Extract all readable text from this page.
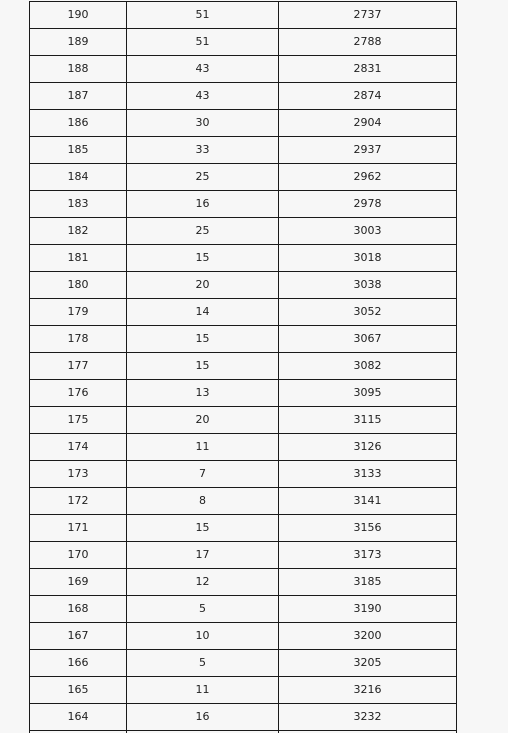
190	51	2737
189	51	2788
188	43	2831
187	43	2874
186	30	2904
185	33	2937
184	25	2962
183	16	2978
182	25	3003
181	15	3018
180	20	3038
179	14	3052
178	15	3067
177	15	3082
176	13	3095
175	20	3115
174	11	3126
173	7	3133
172	8	3141
171	15	3156
170	17	3173
169	12	3185
168	5	3190
167	10	3200
166	5	3205
165	11	3216
164	16	3232
